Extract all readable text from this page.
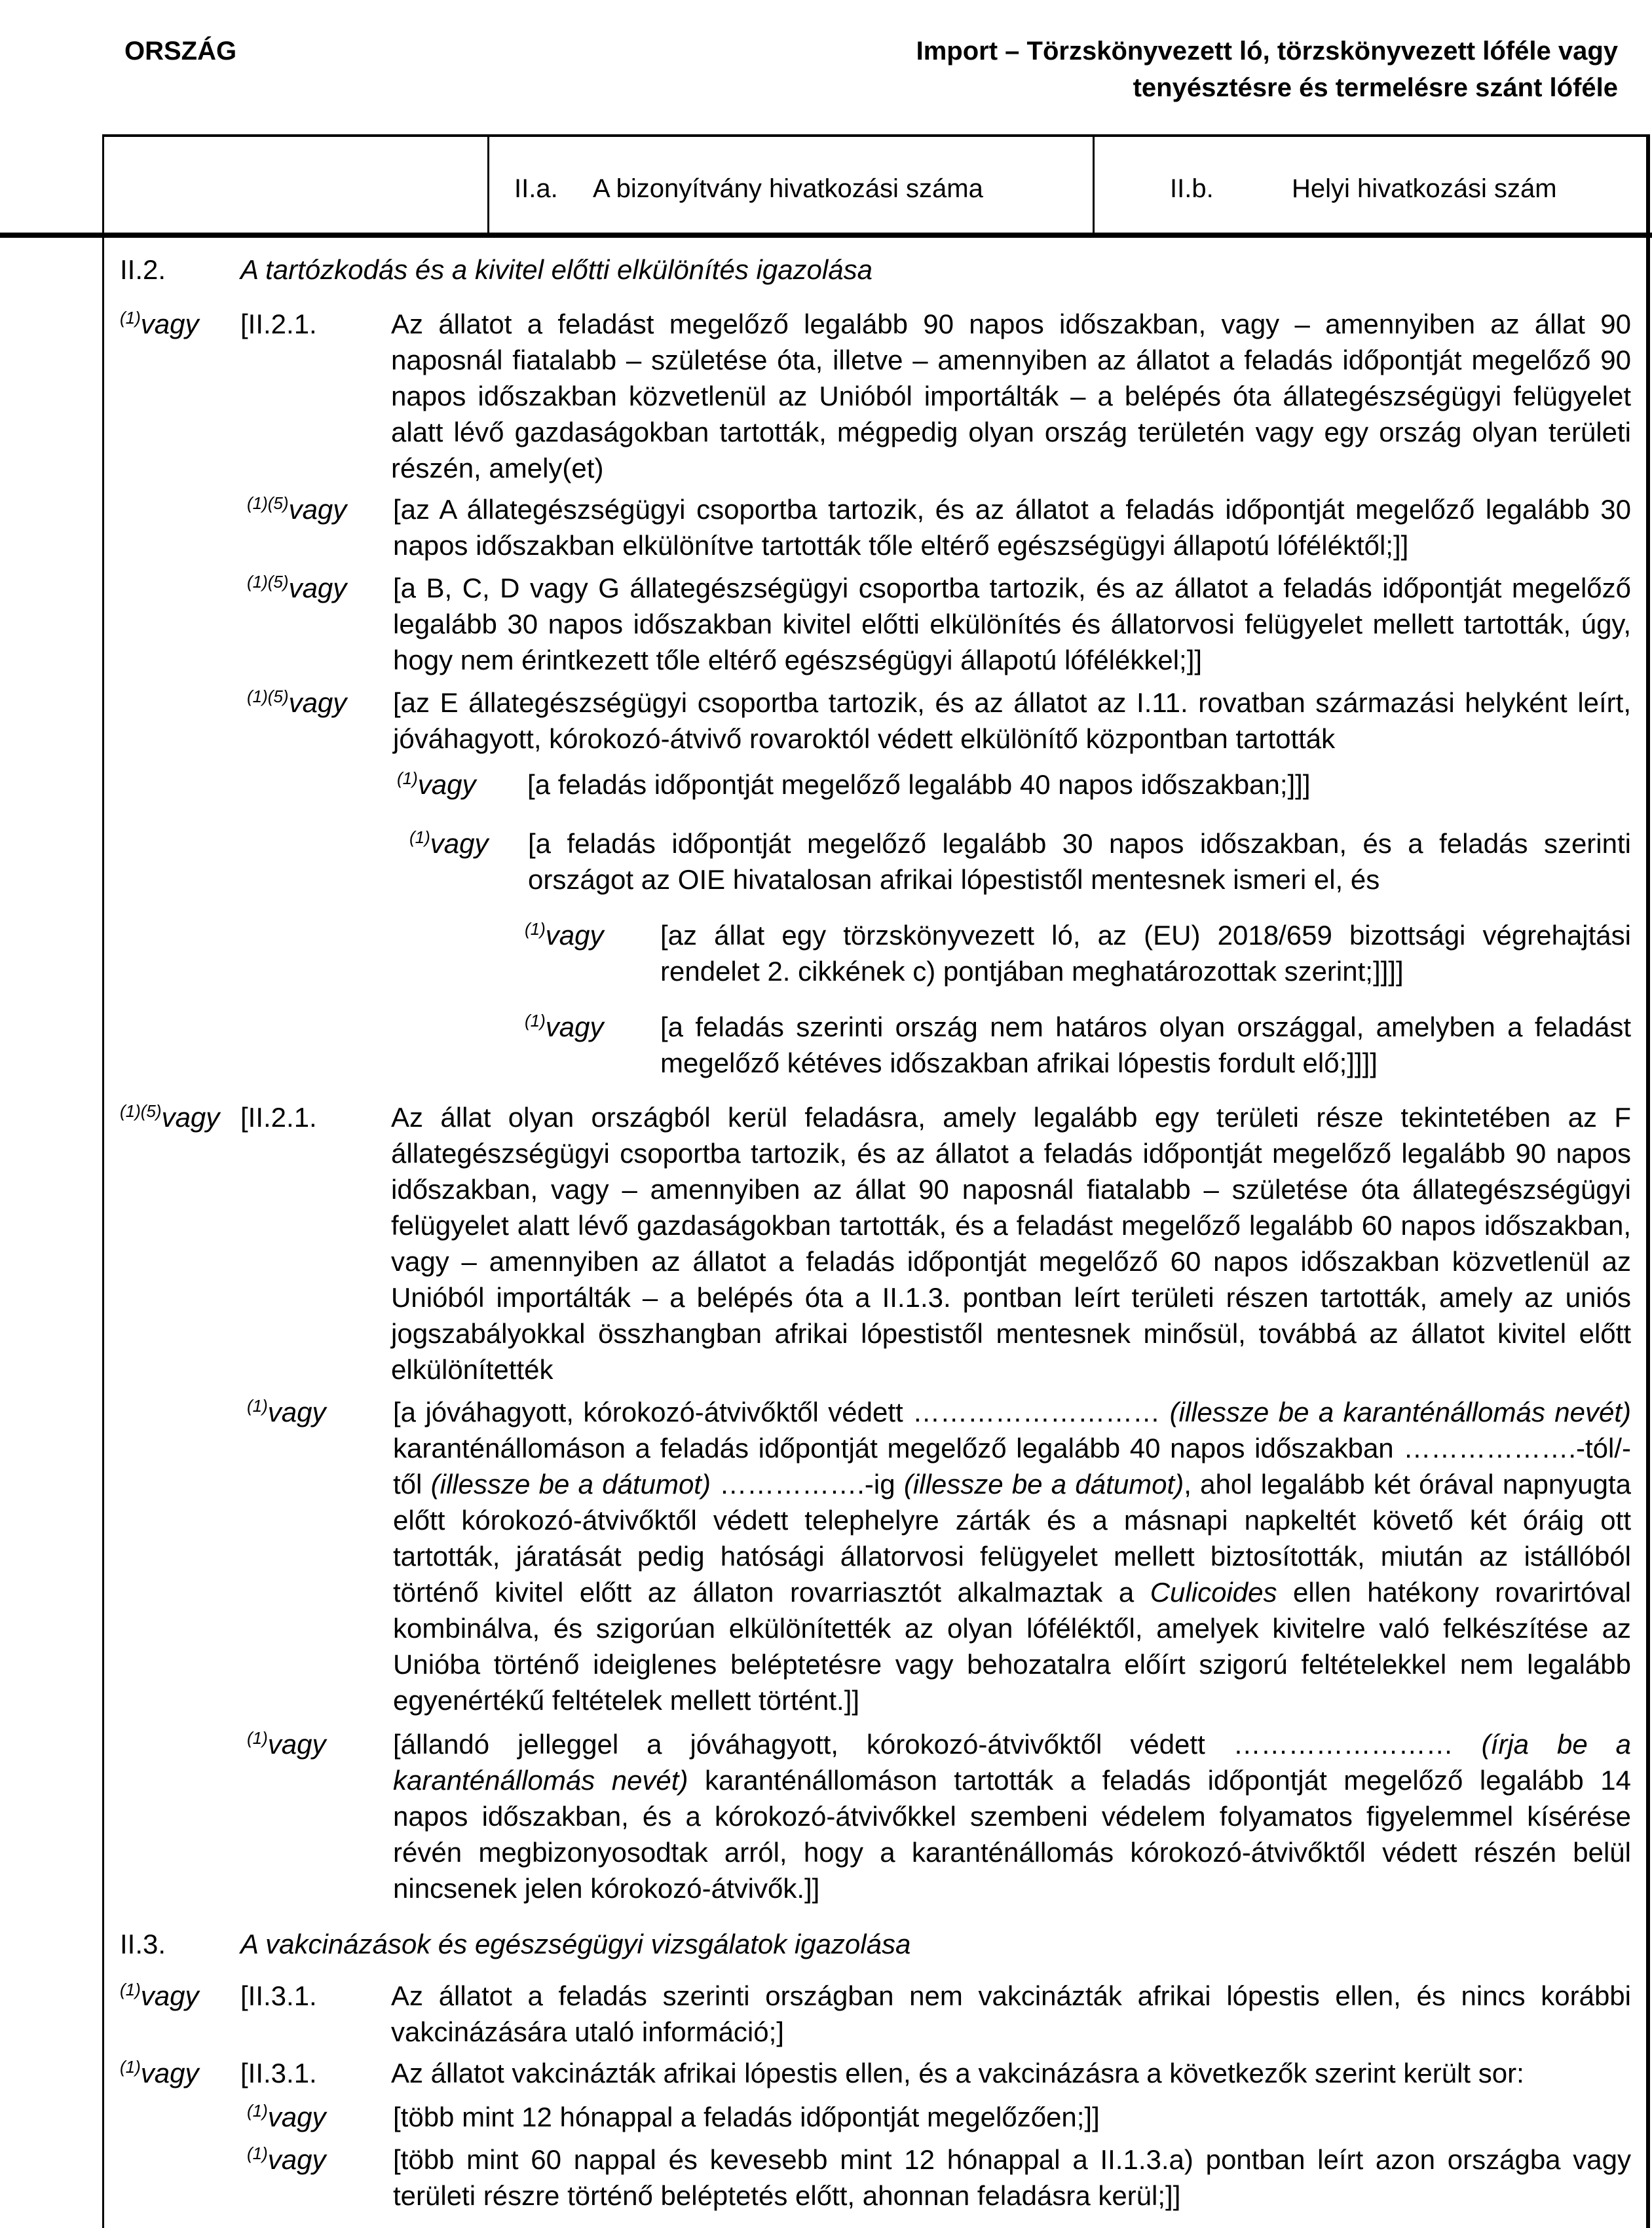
ORSZÁG	Import – Törzskönyvezett ló, törzskönyvezett lóféle vagy
tenyésztésre és termelésre szánt lóféle
II.a. A bizonyítvány hivatkozási száma	II.b.	Helyi hivatkozási szám
II.2.	A tartózkodás és a kivitel előtti elkülönítés igazolása
$^{(1)}$vagy	[II.2.1.	Az állatot a feladást megelőző legalább 90 napos időszakban, vagy – amennyiben az állat 90 naposnál fiatalabb – születése óta, illetve – amennyiben az állatot a feladás időpontját megelőző 90 napos időszakban közvetlenül az Unióból importálták – a belépés óta állategészségügyi felügyelet alatt lévő gazdaságokban tartották, mégpedig olyan ország területén vagy egy ország olyan területi részén, amely(et)
$^{(1)(5)}$vagy	[az A állategészségügyi csoportba tartozik, és az állatot a feladás időpontját megelőző legalább 30 napos időszakban elkülönítve tartották tőle eltérő egészségügyi állapotú lóféléktől;]]
$^{(1)(5)}$vagy	[a B, C, D vagy G állategészségügyi csoportba tartozik, és az állatot a feladás időpontját megelőző legalább 30 napos időszakban kivitel előtti elkülönítés és állatorvosi felügyelet mellett tartották, úgy, hogy nem érintkezett tőle eltérő egészségügyi állapotú lófélékkel;]]
$^{(1)(5)}$vagy	[az E állategészségügyi csoportba tartozik, és az állatot az I.11. rovatban származási helyként leírt, jóváhagyott, kórokozó-átvivő rovaroktól védett elkülönítő központban tartották
$^{(1)}$vagy	[a feladás időpontját megelőző legalább 40 napos időszakban;]]]
$^{(1)}$vagy	[a feladás időpontját megelőző legalább 30 napos időszakban, és a feladás szerinti országot az OIE hivatalosan afrikai lópestistől mentesnek ismeri el, és
$^{(1)}$vagy	[az állat egy törzskönyvezett ló, az (EU) 2018/659 bizottsági végrehajtási rendelet 2. cikkének c) pontjában meghatározottak szerint;]]]]
$^{(1)}$vagy	[a feladás szerinti ország nem határos olyan országgal, amelyben a feladást megelőző kétéves időszakban afrikai lópestis fordult elő;]]]]
$^{(1)(5)}$vagy [II.2.1.	Az állat olyan országból kerül feladásra, amely legalább egy területi része tekintetében az F állategészségügyi csoportba tartozik, és az állatot a feladás időpontját megelőző legalább 90 napos időszakban, vagy – amennyiben az állat 90 naposnál fiatalabb – születése óta állategészségügyi felügyelet alatt lévő gazdaságokban tartották, és a feladást megelőző legalább 60 napos időszakban, vagy – amennyiben az állatot a feladás időpontját megelőző 60 napos időszakban közvetlenül az Unióból importálták – a belépés óta a II.1.3. pontban leírt területi részen tartották, amely az uniós jogszabályokkal összhangban afrikai lópestistől mentesnek minősül, továbbá az állatot kivitel előtt elkülönítették
$^{(1)}$vagy	[a jóváhagyott, kórokozó-átvivőktől védett ……………………… (illessze be a karanténállomás nevét) karanténállomáson a feladás időpontját megelőző legalább 40 napos időszakban ……………….-tól/-től (illessze be a dátumot) …………….-ig (illessze be a dátumot), ahol legalább két órával napnyugta előtt kórokozó-átvivőktől védett telephelyre zárták és a másnapi napkeltét követő két óráig ott tartották, járatását pedig hatósági állatorvosi felügyelet mellett biztosították, miután az istállóból történő kivitel előtt az állaton rovarriasztót alkalmaztak a Culicoides ellen hatékony rovarirtóval kombinálva, és szigorúan elkülönítették az olyan lóféléktől, amelyek kivitelre való felkészítése az Unióba történő ideiglenes beléptetésre vagy behozatalra előírt szigorú feltételekkel nem legalább egyenértékű feltételek mellett történt.]]
$^{(1)}$vagy	[állandó jelleggel a jóváhagyott, kórokozó-átvivőktől védett …………………… (írja be a karanténállomás nevét) karanténállomáson tartották a feladás időpontját megelőző legalább 14 napos időszakban, és a kórokozó-átvivőkkel szembeni védelem folyamatos figyelemmel kísérése révén megbizonyosodtak arról, hogy a karanténállomás kórokozó-átvivőktől védett részén belül nincsenek jelen kórokozó-átvivők.]]
II.3.	A vakcinázások és egészségügyi vizsgálatok igazolása
$^{(1)}$vagy	[II.3.1.	Az állatot a feladás szerinti országban nem vakcinázták afrikai lópestis ellen, és nincs korábbi vakcinázására utaló információ;]
$^{(1)}$vagy	[II.3.1.	Az állatot vakcinázták afrikai lópestis ellen, és a vakcinázásra a következők szerint került sor:
$^{(1)}$vagy	[több mint 12 hónappal a feladás időpontját megelőzően;]]
$^{(1)}$vagy	[több mint 60 nappal és kevesebb mint 12 hónappal a II.1.3.a) pontban leírt azon országba vagy területi részre történő beléptetés előtt, ahonnan feladásra kerül;]]
